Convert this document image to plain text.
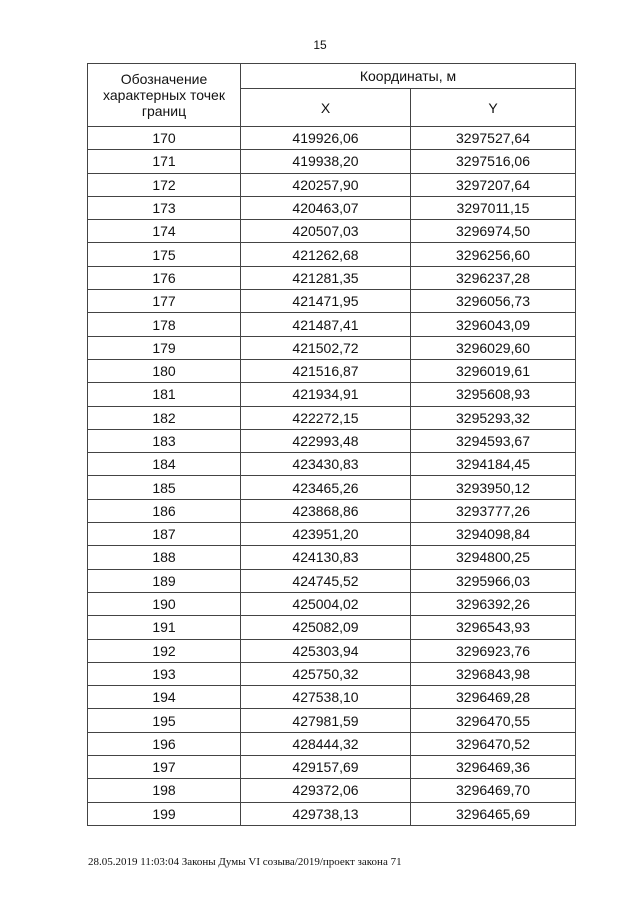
15
Обозначение характерных точек границ	Координаты, м	
	X	Y
170	419926,06	3297527,64
171	419938,20	3297516,06
172	420257,90	3297207,64
173	420463,07	3297011,15
174	420507,03	3296974,50
175	421262,68	3296256,60
176	421281,35	3296237,28
177	421471,95	3296056,73
178	421487,41	3296043,09
179	421502,72	3296029,60
180	421516,87	3296019,61
181	421934,91	3295608,93
182	422272,15	3295293,32
183	422993,48	3294593,67
184	423430,83	3294184,45
185	423465,26	3293950,12
186	423868,86	3293777,26
187	423951,20	3294098,84
188	424130,83	3294800,25
189	424745,52	3295966,03
190	425004,02	3296392,26
191	425082,09	3296543,93
192	425303,94	3296923,76
193	425750,32	3296843,98
194	427538,10	3296469,28
195	427981,59	3296470,55
196	428444,32	3296470,52
197	429157,69	3296469,36
198	429372,06	3296469,70
199	429738,13	3296465,69
28.05.2019 11:03:04 Законы Думы VI созыва/2019/проект закона 71
